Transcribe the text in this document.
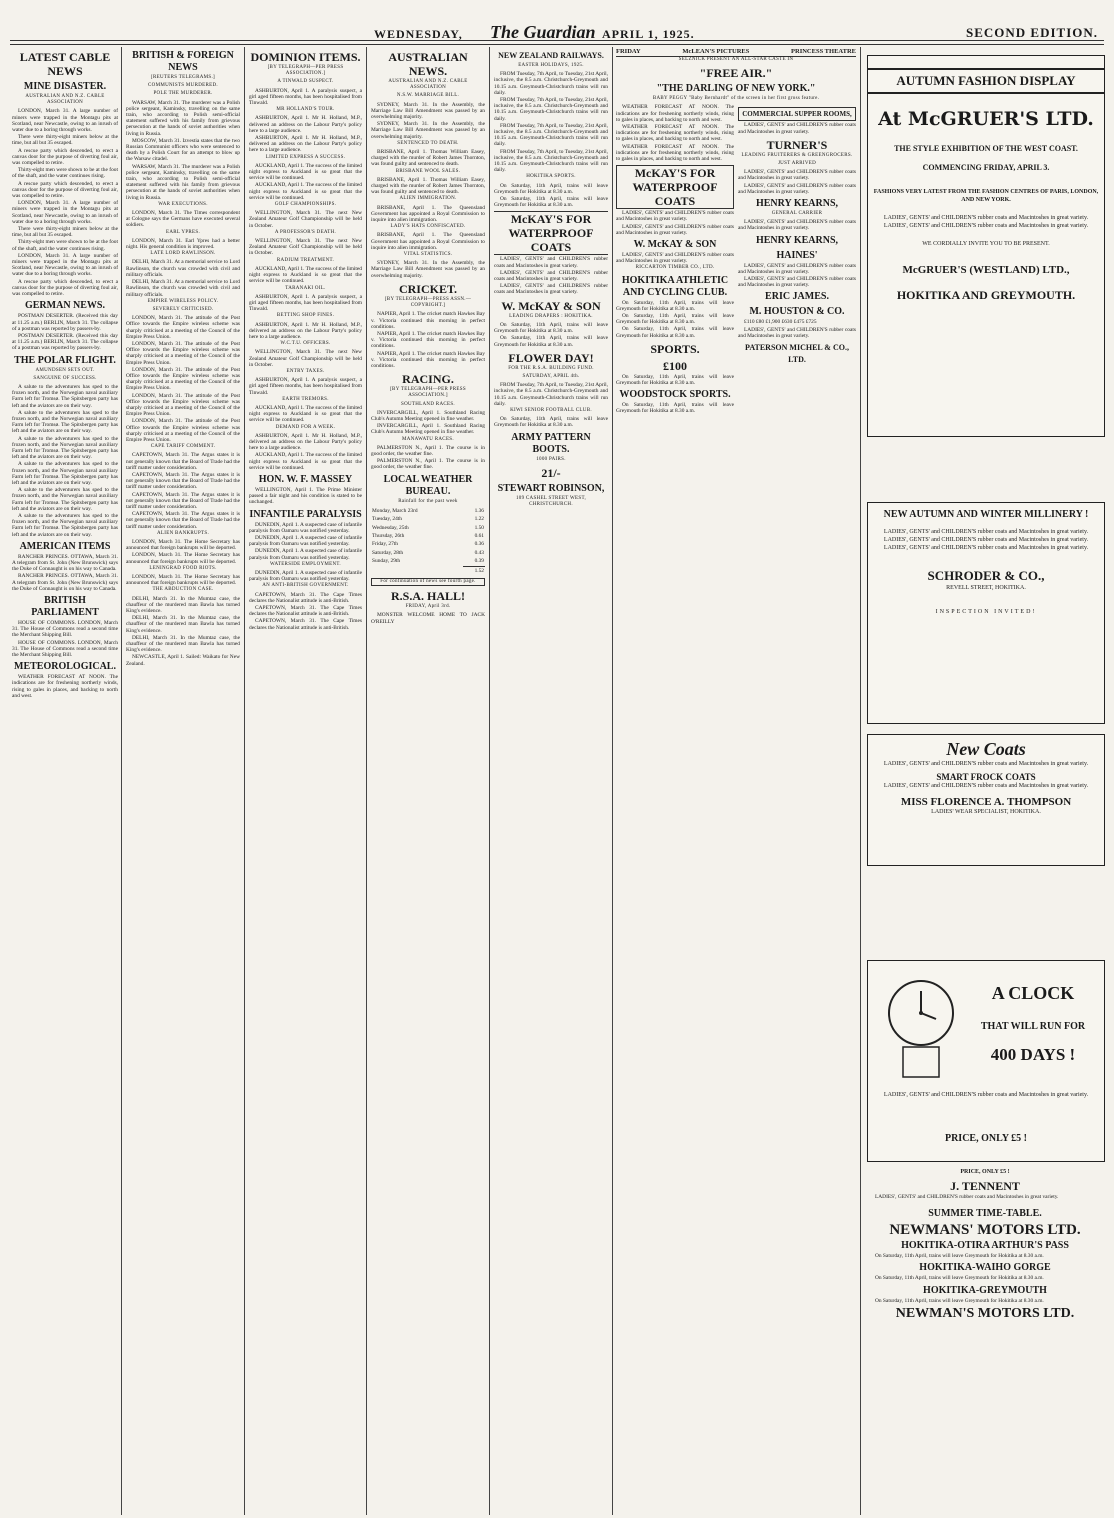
WEDNESDAY, The Guardian APRIL 1, 1925.	SECOND EDITION.
LATEST CABLE NEWS
MINE DISASTER.
AUSTRALIAN AND N.Z. CABLE ASSOCIATION

LONDON, March 31. A large number of miners were trapped in the Montagu pits at Scotland, near Newcastle, owing to an inrush of water due to a boring through works.

There were thirty-eight miners below at the time, but all but 35 escaped.

A rescue party which descended, to erect a canvas door for the purpose of diverting foul air, was compelled to retire.

Thirty-eight men were shown to be at the foot of the shaft, and the water continues rising.

A rescue party which descended, to erect a canvas door for the purpose of diverting foul air, was compelled to retire.

LONDON, March 31. A large number of miners were trapped in the Montagu pits at Scotland, near Newcastle, owing to an inrush of water due to a boring through works.

There were thirty-eight miners below at the time, but all but 35 escaped.

Thirty-eight men were shown to be at the foot of the shaft, and the water continues rising.

LONDON, March 31. A large number of miners were trapped in the Montagu pits at Scotland, near Newcastle, owing to an inrush of water due to a boring through works.

A rescue party which descended, to erect a canvas door for the purpose of diverting foul air, was compelled to retire.

GERMAN NEWS.

POSTMAN DESERTER. (Received this day at 11.25 a.m.) BERLIN, March 31. The collapse of a postman was reported by passers-by.

POSTMAN DESERTER. (Received this day at 11.25 a.m.) BERLIN, March 31. The collapse of a postman was reported by passers-by.

THE POLAR FLIGHT.
AMUNDSEN SETS OUT.
SANGUINE OF SUCCESS.

A salute to the adventurers has sped to the frozen north, and the Norwegian naval auxiliary Farm left for Tromsø. The Spitsbergen party has left and the aviators are on their way.

A salute to the adventurers has sped to the frozen north, and the Norwegian naval auxiliary Farm left for Tromsø. The Spitsbergen party has left and the aviators are on their way.

A salute to the adventurers has sped to the frozen north, and the Norwegian naval auxiliary Farm left for Tromsø. The Spitsbergen party has left and the aviators are on their way.

A salute to the adventurers has sped to the frozen north, and the Norwegian naval auxiliary Farm left for Tromsø. The Spitsbergen party has left and the aviators are on their way.

A salute to the adventurers has sped to the frozen north, and the Norwegian naval auxiliary Farm left for Tromsø. The Spitsbergen party has left and the aviators are on their way.

A salute to the adventurers has sped to the frozen north, and the Norwegian naval auxiliary Farm left for Tromsø. The Spitsbergen party has left and the aviators are on their way.

AMERICAN ITEMS

RANCHER PRINCES. OTTAWA, March 31. A telegram from St. John (New Brunswick) says the Duke of Connaught is on his way to Canada.

RANCHER PRINCES. OTTAWA, March 31. A telegram from St. John (New Brunswick) says the Duke of Connaught is on his way to Canada.

BRITISH PARLIAMENT

HOUSE OF COMMONS. LONDON, March 31. The House of Commons read a second time the Merchant Shipping Bill.

HOUSE OF COMMONS. LONDON, March 31. The House of Commons read a second time the Merchant Shipping Bill.

METEOROLOGICAL.

WEATHER FORECAST AT NOON. The indications are for freshening northerly winds, rising to gales in places, and backing to north and west.

BRITISH & FOREIGN NEWS
[REUTERS TELEGRAMS.]
COMMUNISTS MURDERED.
POLE THE MURDERER.

WARSAW, March 31. The murderer was a Polish police sergeant, Kaminsky, travelling on the same train, who according to Polish semi-official statement suffered with his family from grievous persecution at the hands of soviet authorities when living in Russia.

MOSCOW, March 31. Izvestia states that the two Russian Communist officers who were sentenced to death by a Polish Court for an attempt to blow up the Warsaw citadel.

WARSAW, March 31. The murderer was a Polish police sergeant, Kaminsky, travelling on the same train, who according to Polish semi-official statement suffered with his family from grievous persecution at the hands of soviet authorities when living in Russia.

WAR EXECUTIONS.

LONDON, March 31. The Times correspondent at Cologne says the Germans have executed several soldiers.

EARL YPRES.

LONDON, March 31. Earl Ypres had a better night. His general condition is improved.

LATE LORD RAWLINSON.

DELHI, March 31. At a memorial service to Lord Rawlinson, the church was crowded with civil and military officials.

DELHI, March 31. At a memorial service to Lord Rawlinson, the church was crowded with civil and military officials.

EMPIRE WIRELESS POLICY.
SEVERELY CRITICISED.

LONDON, March 31. The attitude of the Post Office towards the Empire wireless scheme was sharply criticised at a meeting of the Council of the Empire Press Union.

LONDON, March 31. The attitude of the Post Office towards the Empire wireless scheme was sharply criticised at a meeting of the Council of the Empire Press Union.

LONDON, March 31. The attitude of the Post Office towards the Empire wireless scheme was sharply criticised at a meeting of the Council of the Empire Press Union.

LONDON, March 31. The attitude of the Post Office towards the Empire wireless scheme was sharply criticised at a meeting of the Council of the Empire Press Union.

LONDON, March 31. The attitude of the Post Office towards the Empire wireless scheme was sharply criticised at a meeting of the Council of the Empire Press Union.

CAPE TARIFF COMMENT.

CAPETOWN, March 31. The Argus states it is not generally known that the Board of Trade had the tariff matter under consideration.

CAPETOWN, March 31. The Argus states it is not generally known that the Board of Trade had the tariff matter under consideration.

CAPETOWN, March 31. The Argus states it is not generally known that the Board of Trade had the tariff matter under consideration.

CAPETOWN, March 31. The Argus states it is not generally known that the Board of Trade had the tariff matter under consideration.

ALIEN BANKRUPTS.

LONDON, March 31. The Home Secretary has announced that foreign bankrupts will be deported.

LONDON, March 31. The Home Secretary has announced that foreign bankrupts will be deported.

LENINGRAD FOOD RIOTS.

LONDON, March 31. The Home Secretary has announced that foreign bankrupts will be deported.

THE ABDUCTION CASE.

DELHI, March 31. In the Mumtaz case, the chauffeur of the murdered man Bawla has turned King's evidence.

DELHI, March 31. In the Mumtaz case, the chauffeur of the murdered man Bawla has turned King's evidence.

DELHI, March 31. In the Mumtaz case, the chauffeur of the murdered man Bawla has turned King's evidence.

NEWCASTLE, April 1. Sailed: Waikato for New Zealand.

DOMINION ITEMS.
[BY TELEGRAPH—PER PRESS ASSOCIATION.]
A TINWALD SUSPECT.

ASHBURTON, April 1. A paralysis suspect, a girl aged fifteen months, has been hospitalised from Tinwald.

MR HOLLAND'S TOUR.

ASHBURTON, April 1. Mr H. Holland, M.P., delivered an address on the Labour Party's policy here to a large audience.

ASHBURTON, April 1. Mr H. Holland, M.P., delivered an address on the Labour Party's policy here to a large audience.

LIMITED EXPRESS A SUCCESS.

AUCKLAND, April 1. The success of the limited night express to Auckland is so great that the service will be continued.

AUCKLAND, April 1. The success of the limited night express to Auckland is so great that the service will be continued.

GOLF CHAMPIONSHIPS.

WELLINGTON, March 31. The next New Zealand Amateur Golf Championship will be held in October.

A PROFESSOR'S DEATH.

WELLINGTON, March 31. The next New Zealand Amateur Golf Championship will be held in October.

RADIUM TREATMENT.

AUCKLAND, April 1. The success of the limited night express to Auckland is so great that the service will be continued.

TARANAKI OIL.

ASHBURTON, April 1. A paralysis suspect, a girl aged fifteen months, has been hospitalised from Tinwald.

BETTING SHOP FINES.

ASHBURTON, April 1. Mr H. Holland, M.P., delivered an address on the Labour Party's policy here to a large audience.

W.C.T.U. OFFICERS.

WELLINGTON, March 31. The next New Zealand Amateur Golf Championship will be held in October.

ENTRY TAXES.

ASHBURTON, April 1. A paralysis suspect, a girl aged fifteen months, has been hospitalised from Tinwald.

EARTH TREMORS.

AUCKLAND, April 1. The success of the limited night express to Auckland is so great that the service will be continued.

DEMAND FOR A WEEK.

ASHBURTON, April 1. Mr H. Holland, M.P., delivered an address on the Labour Party's policy here to a large audience.

AUCKLAND, April 1. The success of the limited night express to Auckland is so great that the service will be continued.

HON. W. F. MASSEY

WELLINGTON, April 1. The Prime Minister passed a fair night and his condition is stated to be unchanged.

INFANTILE PARALYSIS

DUNEDIN, April 1. A suspected case of infantile paralysis from Oamaru was notified yesterday.

DUNEDIN, April 1. A suspected case of infantile paralysis from Oamaru was notified yesterday.

DUNEDIN, April 1. A suspected case of infantile paralysis from Oamaru was notified yesterday.

WATERSIDE EMPLOYMENT.

DUNEDIN, April 1. A suspected case of infantile paralysis from Oamaru was notified yesterday.

AN ANTI-BRITISH GOVERNMENT.

CAPETOWN, March 31. The Cape Times declares the Nationalist attitude is anti-British.

CAPETOWN, March 31. The Cape Times declares the Nationalist attitude is anti-British.

CAPETOWN, March 31. The Cape Times declares the Nationalist attitude is anti-British.

AUSTRALIAN NEWS.
AUSTRALIAN AND N.Z. CABLE ASSOCIATION
N.S.W. MARRIAGE BILL.

SYDNEY, March 31. In the Assembly, the Marriage Law Bill Amendment was passed by an overwhelming majority.

SYDNEY, March 31. In the Assembly, the Marriage Law Bill Amendment was passed by an overwhelming majority.

SENTENCED TO DEATH.

BRISBANE, April 1. Thomas William Easey, charged with the murder of Robert James Thornton, was found guilty and sentenced to death.

BRISBANE WOOL SALES.

BRISBANE, April 1. Thomas William Easey, charged with the murder of Robert James Thornton, was found guilty and sentenced to death.

ALIEN IMMIGRATION.

BRISBANE, April 1. The Queensland Government has appointed a Royal Commission to inquire into alien immigration.

LADY'S HATS CONFISCATED.

BRISBANE, April 1. The Queensland Government has appointed a Royal Commission to inquire into alien immigration.

VITAL STATISTICS.

SYDNEY, March 31. In the Assembly, the Marriage Law Bill Amendment was passed by an overwhelming majority.

CRICKET.
[BY TELEGRAPH—PRESS ASSN.—COPYRIGHT.]

NAPIER, April 1. The cricket match Hawkes Bay v. Victoria continued this morning in perfect conditions.

NAPIER, April 1. The cricket match Hawkes Bay v. Victoria continued this morning in perfect conditions.

NAPIER, April 1. The cricket match Hawkes Bay v. Victoria continued this morning in perfect conditions.

RACING.
[BY TELEGRAPH—PER PRESS ASSOCIATION.]
SOUTHLAND RACES.

INVERCARGILL, April 1. Southland Racing Club's Autumn Meeting opened in fine weather.

INVERCARGILL, April 1. Southland Racing Club's Autumn Meeting opened in fine weather.

MANAWATU RACES.

PALMERSTON N., April 1. The course is in good order, the weather fine.

PALMERSTON N., April 1. The course is in good order, the weather fine.

LOCAL WEATHER BUREAU.
Rainfall for the past week
Monday, March 23rd	1.36
Tuesday, 24th	1.22
Wednesday, 25th	1.50
Thursday, 26th	0.61
Friday, 27th	0.36
Saturday, 28th	0.43
Sunday, 29th	0.39
	1.52
For continuation of news see fourth page.
R.S.A. HALL!
FRIDAY, April 3rd.

MONSTER WELCOME HOME TO JACK O'REILLY

NEW ZEALAND RAILWAYS.
EASTER HOLIDAYS, 1925.

FROM Tuesday, 7th April, to Tuesday, 21st April, inclusive, the 8.5 a.m. Christchurch-Greymouth and 10.15 a.m. Greymouth-Christchurch trains will run daily.

FROM Tuesday, 7th April, to Tuesday, 21st April, inclusive, the 8.5 a.m. Christchurch-Greymouth and 10.15 a.m. Greymouth-Christchurch trains will run daily.

FROM Tuesday, 7th April, to Tuesday, 21st April, inclusive, the 8.5 a.m. Christchurch-Greymouth and 10.15 a.m. Greymouth-Christchurch trains will run daily.

FROM Tuesday, 7th April, to Tuesday, 21st April, inclusive, the 8.5 a.m. Christchurch-Greymouth and 10.15 a.m. Greymouth-Christchurch trains will run daily.

HOKITIKA SPORTS.

On Saturday, 11th April, trains will leave Greymouth for Hokitika at 8.30 a.m.

On Saturday, 11th April, trains will leave Greymouth for Hokitika at 8.30 a.m.

McKAY'S FOR WATERPROOF COATS

LADIES', GENTS' and CHILDREN'S rubber coats and Macintoshes in great variety.

LADIES', GENTS' and CHILDREN'S rubber coats and Macintoshes in great variety.

LADIES', GENTS' and CHILDREN'S rubber coats and Macintoshes in great variety.

W. McKAY & SON
LEADING DRAPERS : HOKITIKA.

On Saturday, 11th April, trains will leave Greymouth for Hokitika at 8.30 a.m.

On Saturday, 11th April, trains will leave Greymouth for Hokitika at 8.30 a.m.

FLOWER DAY!
FOR THE R.S.A. BUILDING FUND.
SATURDAY, APRIL 4th.

FROM Tuesday, 7th April, to Tuesday, 21st April, inclusive, the 8.5 a.m. Christchurch-Greymouth and 10.15 a.m. Greymouth-Christchurch trains will run daily.

KIWI SENIOR FOOTBALL CLUB.

On Saturday, 11th April, trains will leave Greymouth for Hokitika at 8.30 a.m.

ARMY PATTERN BOOTS.
1000 PAIRS.
21/-
STEWART ROBINSON,
109 CASHEL STREET WEST, CHRISTCHURCH.
FRIDAY	McLEAN'S PICTURES	PRINCESS THEATRE
SELZNICK PRESENT AN ALL-STAR CASTE IN
"FREE AIR."
"THE DARLING OF NEW YORK."
BABY PEGGY "Baby Bernhardt" of the screen in her first gross feature.

WEATHER FORECAST AT NOON. The indications are for freshening northerly winds, rising to gales in places, and backing to north and west.

WEATHER FORECAST AT NOON. The indications are for freshening northerly winds, rising to gales in places, and backing to north and west.

WEATHER FORECAST AT NOON. The indications are for freshening northerly winds, rising to gales in places, and backing to north and west.

McKAY'S FOR WATERPROOF COATS

LADIES', GENTS' and CHILDREN'S rubber coats and Macintoshes in great variety.

LADIES', GENTS' and CHILDREN'S rubber coats and Macintoshes in great variety.

W. McKAY & SON

LADIES', GENTS' and CHILDREN'S rubber coats and Macintoshes in great variety.

RICCARTON TIMBER CO., LTD.
HOKITIKA ATHLETIC AND CYCLING CLUB.

On Saturday, 11th April, trains will leave Greymouth for Hokitika at 8.30 a.m.

On Saturday, 11th April, trains will leave Greymouth for Hokitika at 8.30 a.m.

On Saturday, 11th April, trains will leave Greymouth for Hokitika at 8.30 a.m.

SPORTS.
£100

On Saturday, 11th April, trains will leave Greymouth for Hokitika at 8.30 a.m.

WOODSTOCK SPORTS.

On Saturday, 11th April, trains will leave Greymouth for Hokitika at 8.30 a.m.

COMMERCIAL SUPPER ROOMS,

LADIES', GENTS' and CHILDREN'S rubber coats and Macintoshes in great variety.

TURNER'S
LEADING FRUITERERS & GREENGROCERS.
JUST ARRIVED

LADIES', GENTS' and CHILDREN'S rubber coats and Macintoshes in great variety.

LADIES', GENTS' and CHILDREN'S rubber coats and Macintoshes in great variety.

HENRY KEARNS,
GENERAL CARRIER

LADIES', GENTS' and CHILDREN'S rubber coats and Macintoshes in great variety.

HENRY KEARNS,
HAINES'

LADIES', GENTS' and CHILDREN'S rubber coats and Macintoshes in great variety.

LADIES', GENTS' and CHILDREN'S rubber coats and Macintoshes in great variety.

ERIC JAMES.
M. HOUSTON & CO.

£110 £80 £1,900 £630 £475 £725

LADIES', GENTS' and CHILDREN'S rubber coats and Macintoshes in great variety.

PATERSON MICHEL & CO., LTD.
AUTUMN FASHION DISPLAY
At McGRUER'S LTD.
THE STYLE EXHIBITION OF THE WEST COAST.
COMMENCING FRIDAY, APRIL 3.
FASHIONS VERY LATEST FROM THE FASHION CENTRES OF PARIS, LONDON, AND NEW YORK.
LADIES', GENTS' and CHILDREN'S rubber coats and Macintoshes in great variety.
LADIES', GENTS' and CHILDREN'S rubber coats and Macintoshes in great variety.
WE CORDIALLY INVITE YOU TO BE PRESENT.
McGRUER'S (WESTLAND) LTD.,
HOKITIKA AND GREYMOUTH.
NEW AUTUMN AND WINTER MILLINERY !
LADIES', GENTS' and CHILDREN'S rubber coats and Macintoshes in great variety.
LADIES', GENTS' and CHILDREN'S rubber coats and Macintoshes in great variety.
LADIES', GENTS' and CHILDREN'S rubber coats and Macintoshes in great variety.
SCHRODER & CO.,
REVELL STREET, HOKITIKA.
INSPECTION INVITED!
New Coats
LADIES', GENTS' and CHILDREN'S rubber coats and Macintoshes in great variety.
SMART FROCK COATS
LADIES', GENTS' and CHILDREN'S rubber coats and Macintoshes in great variety.
MISS FLORENCE A. THOMPSON
LADIES' WEAR SPECIALIST, HOKITIKA.
A CLOCK
THAT WILL RUN FOR
400 DAYS !
LADIES', GENTS' and CHILDREN'S rubber coats and Macintoshes in great variety.
PRICE, ONLY £5 !
PRICE, ONLY £5 !
J. TENNENT

LADIES', GENTS' and CHILDREN'S rubber coats and Macintoshes in great variety.

SUMMER TIME-TABLE.
NEWMANS' MOTORS LTD.
HOKITIKA-OTIRA ARTHUR'S PASS

On Saturday, 11th April, trains will leave Greymouth for Hokitika at 8.30 a.m.

HOKITIKA-WAIHO GORGE

On Saturday, 11th April, trains will leave Greymouth for Hokitika at 8.30 a.m.

HOKITIKA-GREYMOUTH

On Saturday, 11th April, trains will leave Greymouth for Hokitika at 8.30 a.m.

NEWMAN'S MOTORS LTD.
